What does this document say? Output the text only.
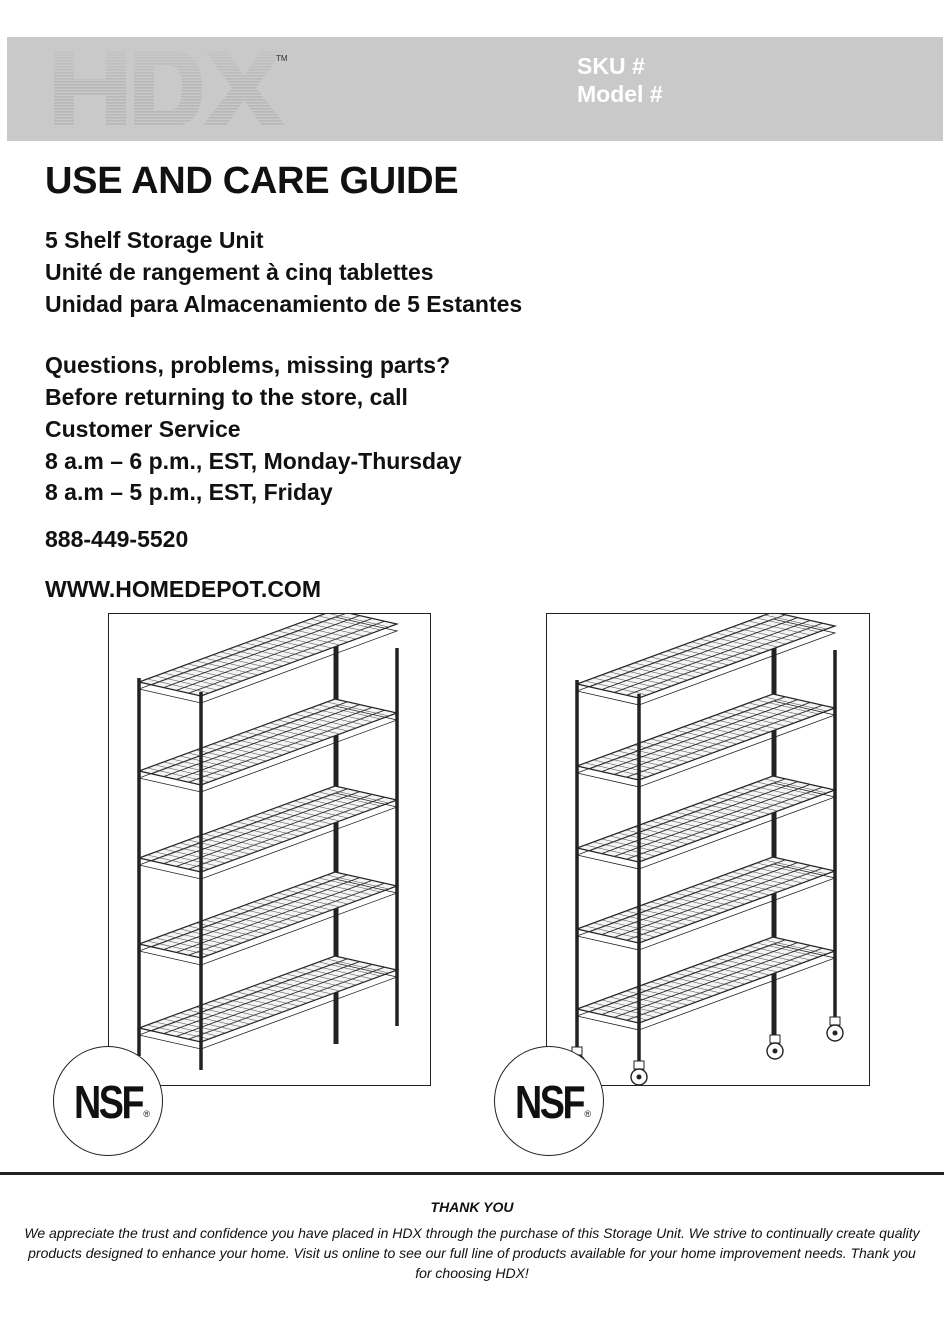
TM	SKU #
Model #
USE AND CARE GUIDE
5 Shelf Storage Unit
Unité de rangement à cinq tablettes
Unidad para Almacenamiento de 5 Estantes
Questions, problems, missing parts?
Before returning to the store, call
Customer Service
8 a.m – 6 p.m., EST, Monday-Thursday
8 a.m – 5 p.m., EST, Friday
888-449-5520
WWW.HOMEDEPOT.COM
NSF ®	NSF ®
THANK YOU
We appreciate the trust and confidence you have placed in HDX through the purchase of this Storage Unit. We strive to continually create quality products designed to enhance your home. Visit us online to see our full line of products available for your home improvement needs. Thank you for choosing HDX!
